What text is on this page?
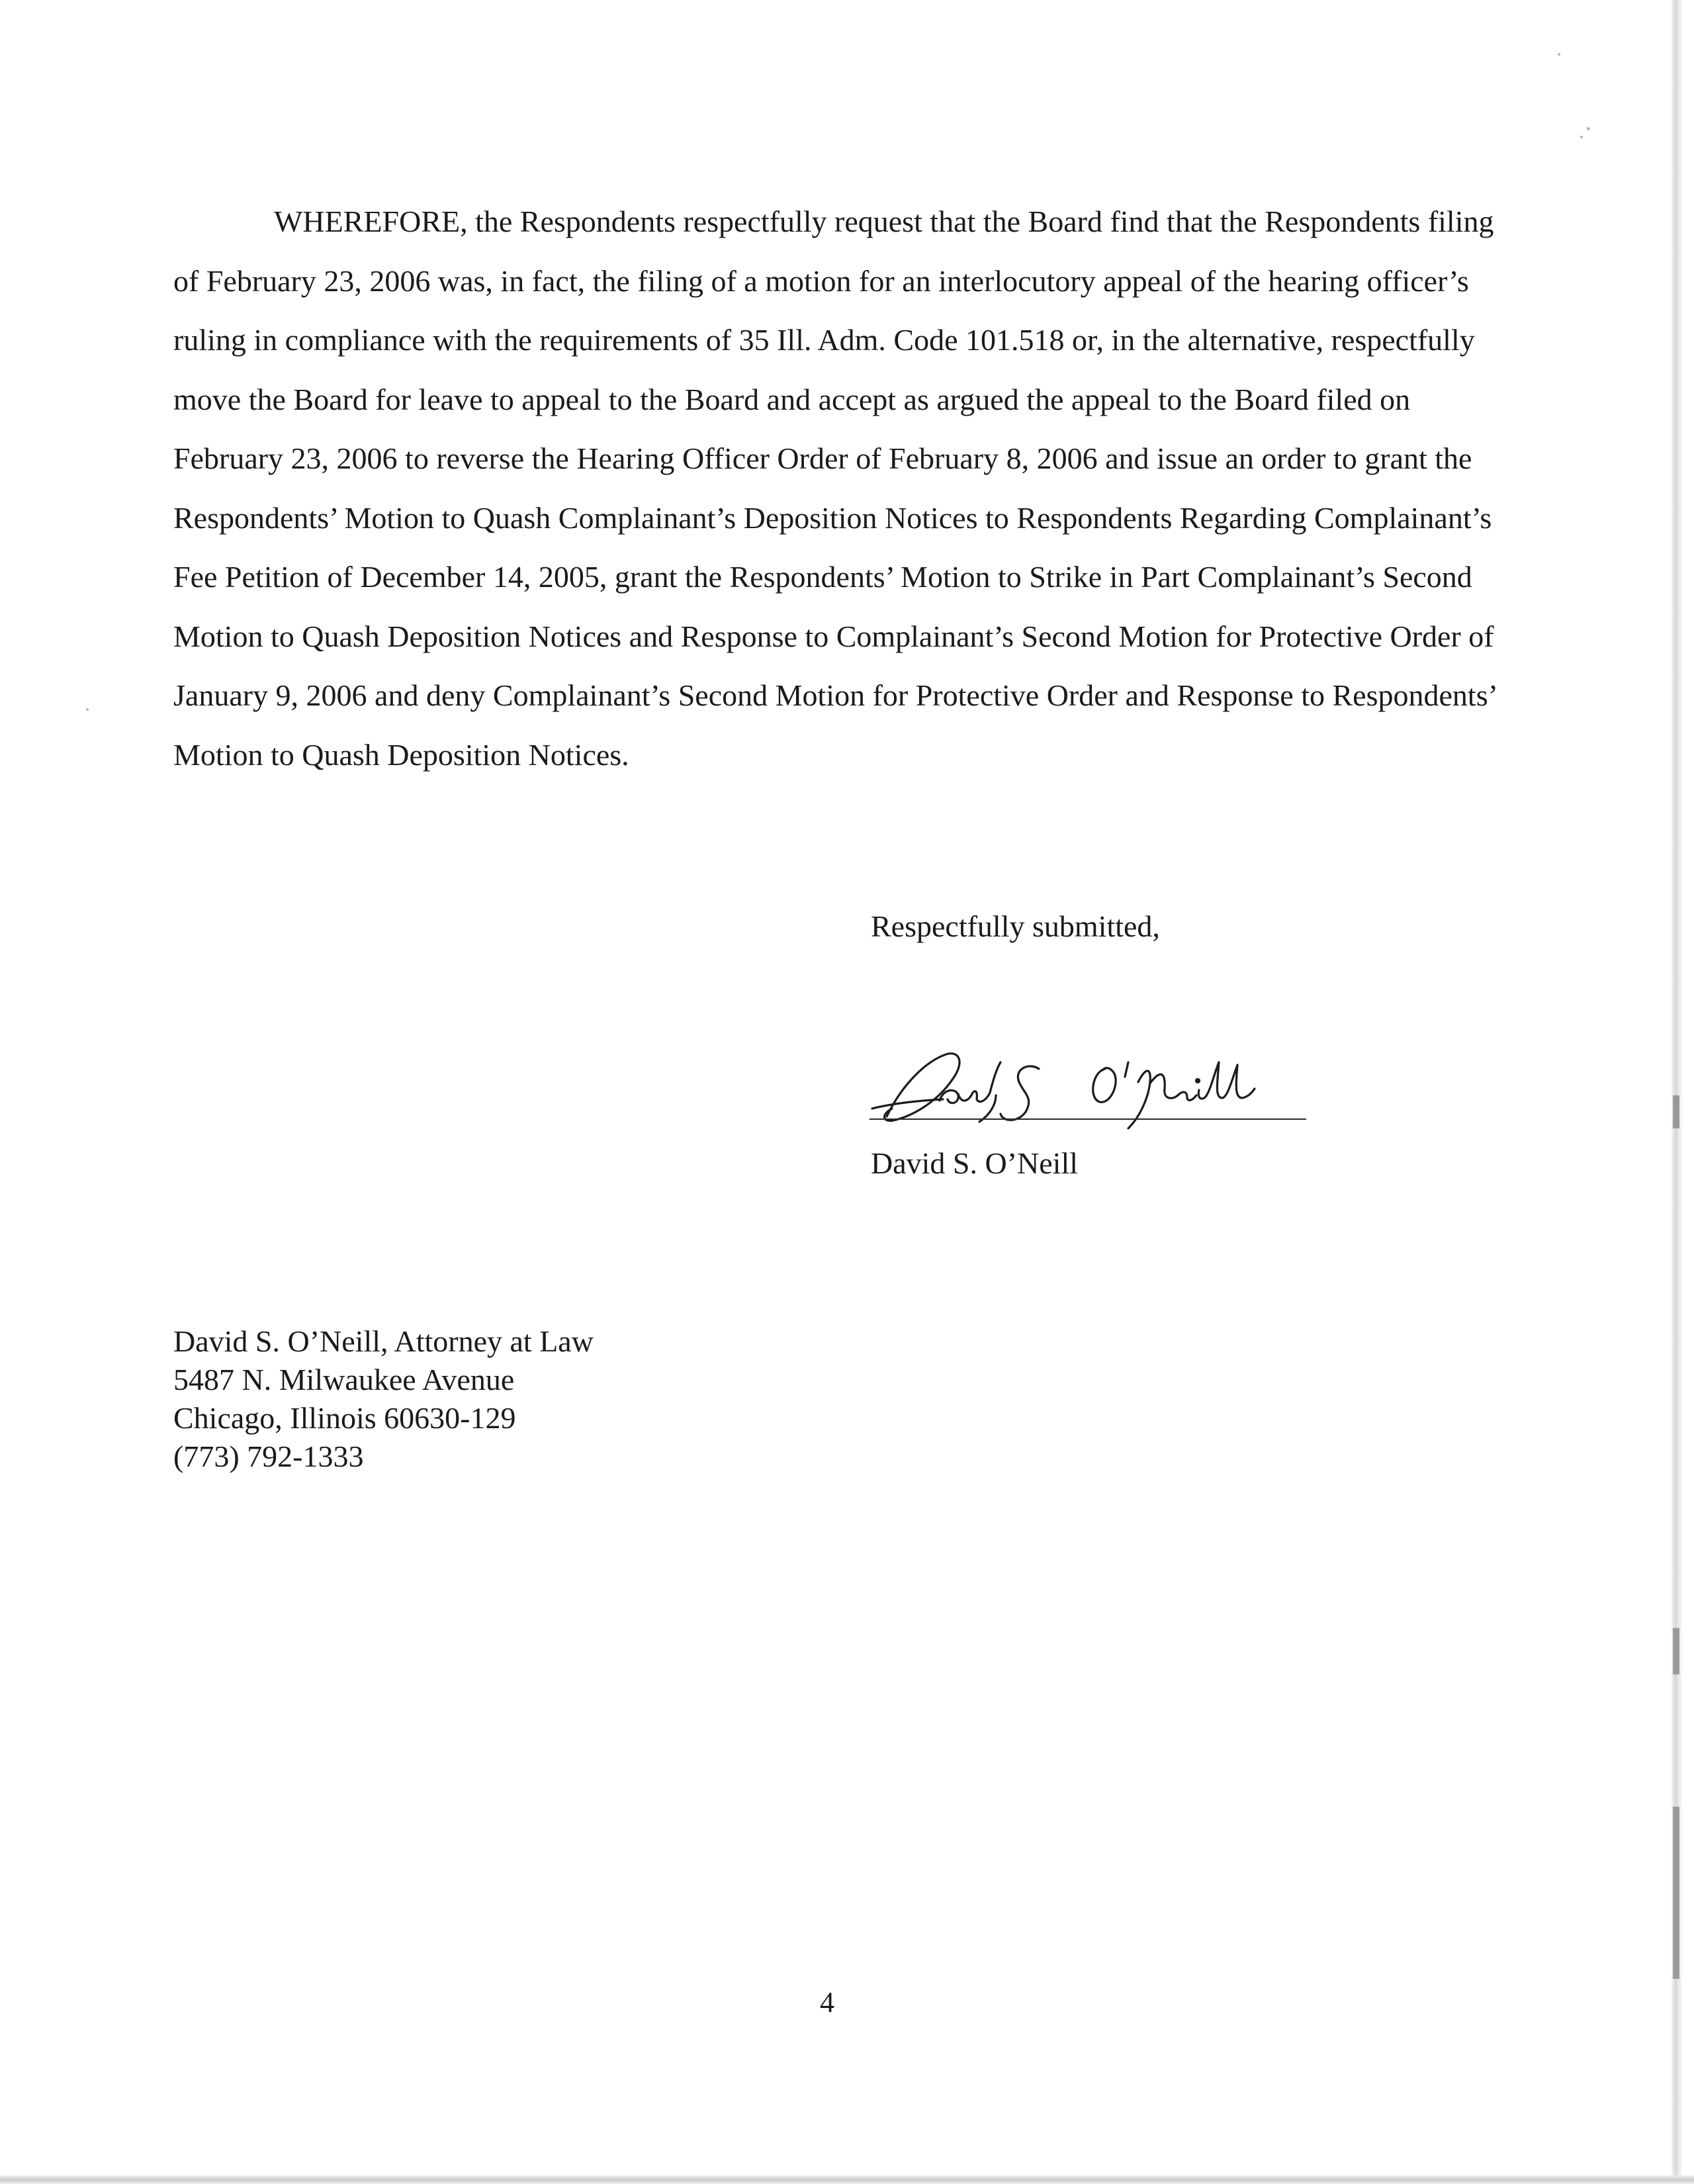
WHEREFORE, the Respondents respectfully request that the Board find that the Respondents filing of February 23, 2006 was, in fact, the filing of a motion for an interlocutory appeal of the hearing officer’s ruling in compliance with the requirements of 35 Ill. Adm. Code 101.518 or, in the alternative, respectfully move the Board for leave to appeal to the Board and accept as argued the appeal to the Board filed on February 23, 2006 to reverse the Hearing Officer Order of February 8, 2006 and issue an order to grant the Respondents’ Motion to Quash Complainant’s Deposition Notices to Respondents Regarding Complainant’s Fee Petition of December 14, 2005, grant the Respondents’ Motion to Strike in Part Complainant’s Second Motion to Quash Deposition Notices and Response to Complainant’s Second Motion for Protective Order of January 9, 2006 and deny Complainant’s Second Motion for Protective Order and Response to Respondents’ Motion to Quash Deposition Notices.

Respectfully submitted,

David S. O’Neill

David S. O’Neill, Attorney at Law
5487 N. Milwaukee Avenue
Chicago, Illinois 60630-129
(773) 792-1333
4
